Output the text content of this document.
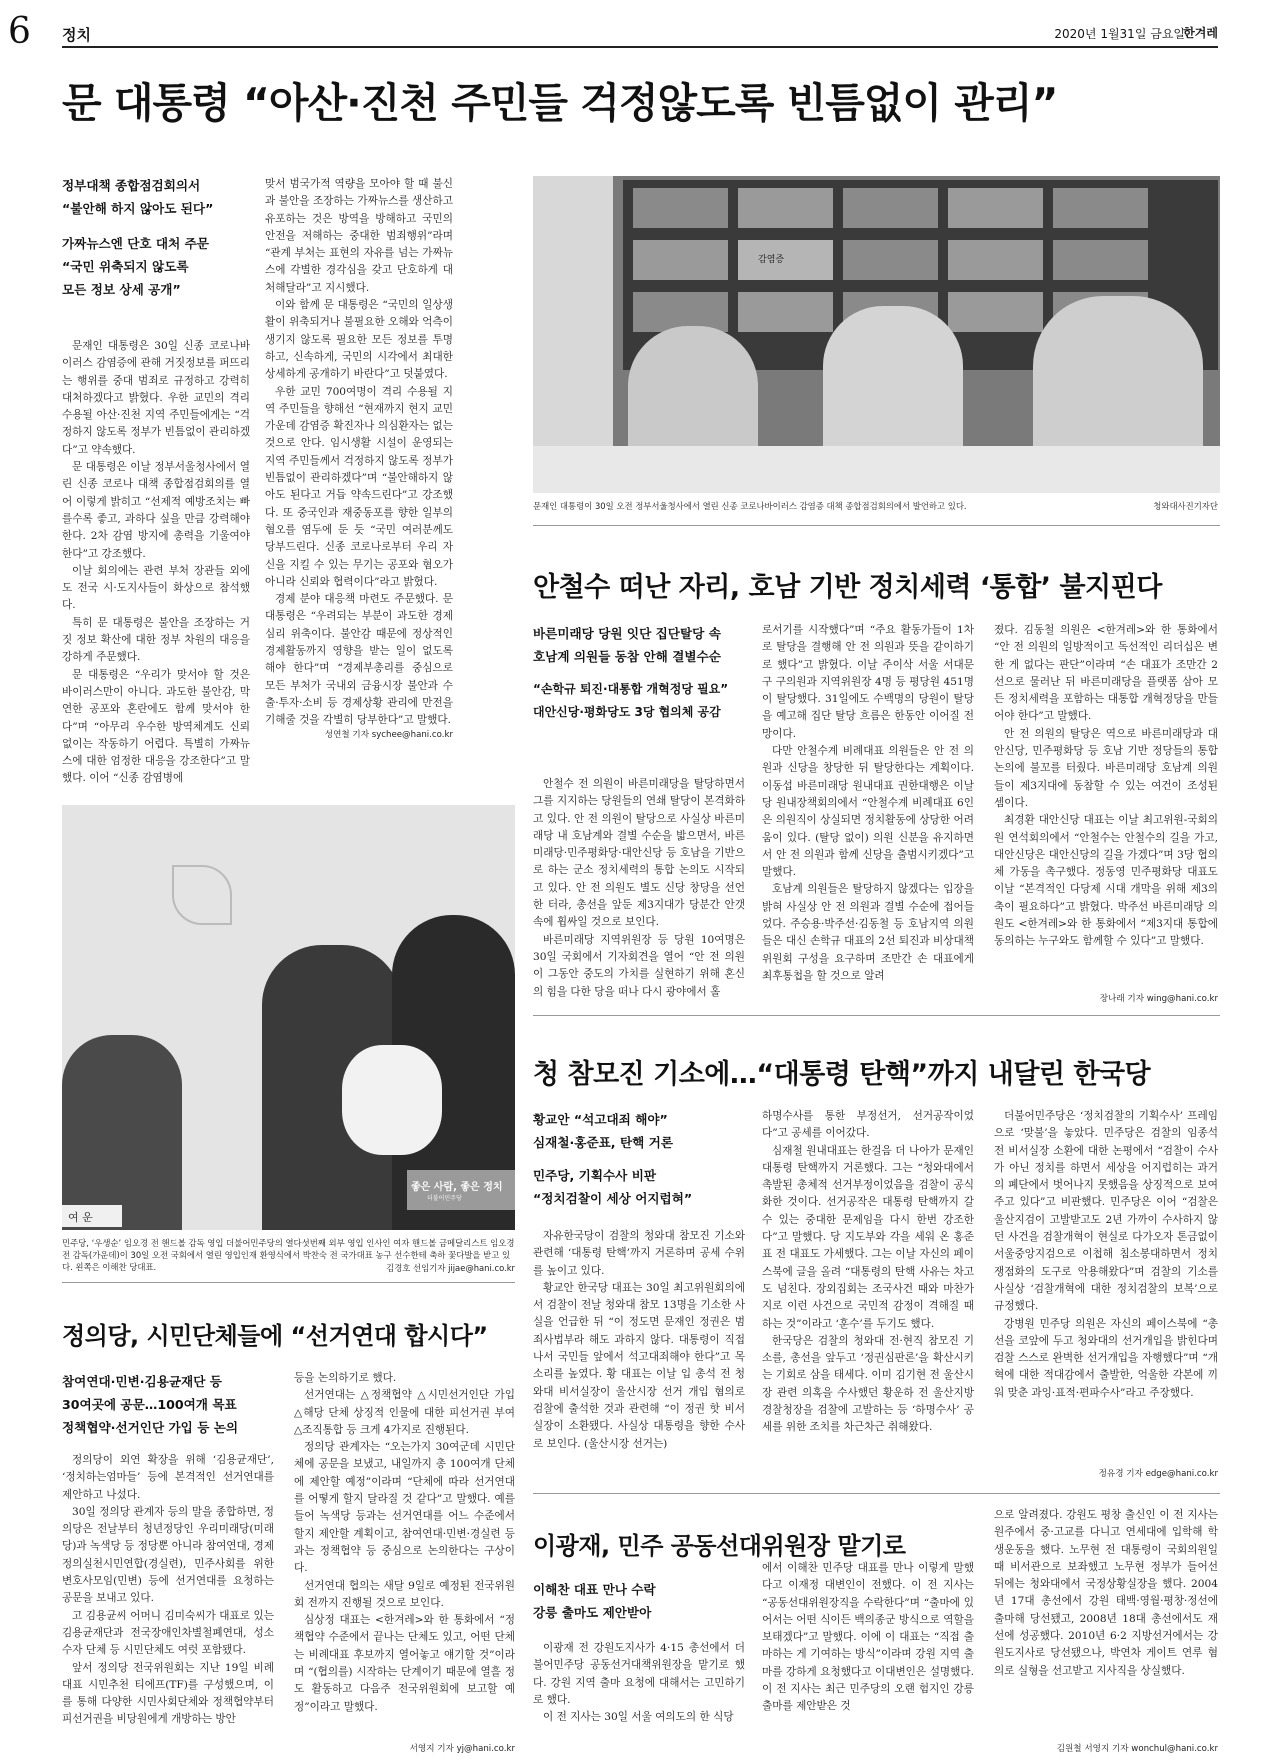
6 정치	2020년 1월31일 금요일
한겨레
문 대통령 “아산·진천 주민들 걱정않도록 빈틈없이 관리”
정부대책 종합점검회의서
“불안해 하지 않아도 된다”
가짜뉴스엔 단호 대처 주문
“국민 위축되지 않도록
모든 정보 상세 공개”

문재인 대통령은 30일 신종 코로나바이러스 감염증에 관해 거짓정보를 퍼뜨리는 행위를 중대 범죄로 규정하고 강력히 대처하겠다고 밝혔다. 우한 교민의 격리 수용될 아산·진천 지역 주민들에게는 “걱정하지 않도록 정부가 빈틈없이 관리하겠다”고 약속했다.

문 대통령은 이날 정부서울청사에서 열린 신종 코로나 대책 종합점검회의를 열어 이렇게 밝히고 “선제적 예방조치는 빠를수록 좋고, 과하다 싶을 만큼 강력해야 한다. 2차 감염 방지에 총력을 기울여야 한다”고 강조했다.

이날 회의에는 관련 부처 장관들 외에도 전국 시·도지사들이 화상으로 참석했다.

특히 문 대통령은 불안을 조장하는 거짓 정보 확산에 대한 정부 차원의 대응을 강하게 주문했다.

문 대통령은 “우리가 맞서야 할 것은 바이러스만이 아니다. 과도한 불안감, 막연한 공포와 혼란에도 함께 맞서야 한다”며 “아무리 우수한 방역체계도 신뢰 없이는 작동하기 어렵다. 특별히 가짜뉴스에 대한 엄정한 대응을 강조한다”고 말했다. 이어 “신종 감염병에

맞서 범국가적 역량을 모아야 할 때 불신과 불안을 조장하는 가짜뉴스를 생산하고 유포하는 것은 방역을 방해하고 국민의 안전을 저해하는 중대한 범죄행위”라며 “관계 부처는 표현의 자유를 넘는 가짜뉴스에 각별한 경각심을 갖고 단호하게 대처해달라”고 지시했다.

이와 함께 문 대통령은 “국민의 일상생활이 위축되거나 불필요한 오해와 억측이 생기지 않도록 필요한 모든 정보를 투명하고, 신속하게, 국민의 시각에서 최대한 상세하게 공개하기 바란다”고 덧붙였다.

우한 교민 700여명이 격리 수용될 지역 주민들을 향해선 “현재까지 현지 교민 가운데 감염증 확진자나 의심환자는 없는 것으로 안다. 임시생활 시설이 운영되는 지역 주민들께서 걱정하지 않도록 정부가 빈틈없이 관리하겠다”며 “불안해하지 않아도 된다고 거듭 약속드린다”고 강조했다. 또 중국인과 재중동포를 향한 일부의 혐오를 염두에 둔 듯 “국민 여러분께도 당부드린다. 신종 코로나로부터 우리 자신을 지킬 수 있는 무기는 공포와 혐오가 아니라 신뢰와 협력이다”라고 밝혔다.

경제 분야 대응책 마련도 주문했다. 문 대통령은 “우려되는 부분이 과도한 경제 심리 위축이다. 불안감 때문에 정상적인 경제활동까지 영향을 받는 일이 없도록 해야 한다”며 “경제부총리를 중심으로 모든 부처가 국내외 금융시장 불안과 수출·투자·소비 등 경제상황 관리에 만전을 기해줄 것을 각별히 당부한다”고 말했다.

성연철 기자 sychee@hani.co.kr
감염증
문재인 대통령이 30일 오전 정부서울청사에서 열린 신종 코로나바이러스 감염증 대책 종합점검회의에서 발언하고 있다.	청와대사진기자단
안철수 떠난 자리, 호남 기반 정치세력 ‘통합’ 불지핀다
바른미래당 당원 잇단 집단탈당 속
호남계 의원들 동참 안해 결별수순
“손학규 퇴진·대통합 개혁정당 필요”
대안신당·평화당도 3당 협의체 공감

안철수 전 의원이 바른미래당을 탈당하면서 그를 지지하는 당원들의 연쇄 탈당이 본격화하고 있다. 안 전 의원이 탈당으로 사실상 바른미래당 내 호남계와 결별 수순을 밟으면서, 바른미래당·민주평화당·대안신당 등 호남을 기반으로 하는 군소 정치세력의 통합 논의도 시작되고 있다. 안 전 의원도 별도 신당 창당을 선언한 터라, 총선을 앞둔 제3지대가 당분간 안갯속에 휩싸일 것으로 보인다.

바른미래당 지역위원장 등 당원 10여명은 30일 국회에서 기자회견을 열어 “안 전 의원이 그동안 중도의 가치를 실현하기 위해 혼신의 힘을 다한 당을 떠나 다시 광야에서 홀

로서기를 시작했다”며 “주요 활동가들이 1차로 탈당을 결행해 안 전 의원과 뜻을 같이하기로 했다”고 밝혔다. 이날 주이삭 서울 서대문구 구의원과 지역위원장 4명 등 평당원 451명이 탈당했다. 31일에도 수백명의 당원이 탈당을 예고해 집단 탈당 흐름은 한동안 이어질 전망이다.

다만 안철수계 비례대표 의원들은 안 전 의원과 신당을 창당한 뒤 탈당한다는 계획이다. 이동섭 바른미래당 원내대표 권한대행은 이날 당 원내장책회의에서 “안철수계 비례대표 6인은 의원직이 상실되면 정치활동에 상당한 어려움이 있다. (탈당 없이) 의원 신분을 유지하면서 안 전 의원과 함께 신당을 출범시키겠다”고 말했다.

호남계 의원들은 탈당하지 않겠다는 입장을 밝혀 사실상 안 전 의원과 결별 수순에 접어들었다. 주승용·박주선·김동철 등 호남지역 의원들은 대신 손학규 대표의 2선 퇴진과 비상대책위원회 구성을 요구하며 조만간 손 대표에게 최후통첩을 할 것으로 알려

졌다. 김동철 의원은 <한겨레>와 한 통화에서 “안 전 의원의 일방적이고 독선적인 리더십은 변한 게 없다는 판단”이라며 “손 대표가 조만간 2선으로 물러난 뒤 바른미래당을 플랫폼 삼아 모든 정치세력을 포함하는 대통합 개혁정당을 만들어야 한다”고 말했다.

안 전 의원의 탈당은 역으로 바른미래당과 대안신당, 민주평화당 등 호남 기반 정당들의 통합 논의에 불꼬를 터줬다. 바른미래당 호남계 의원들이 제3지대에 동참할 수 있는 여건이 조성된 셈이다.

최경환 대안신당 대표는 이날 최고위원-국회의원 연석회의에서 “안철수는 안철수의 길을 가고, 대안신당은 대안신당의 길을 가겠다”며 3당 협의체 가동을 촉구했다. 정동영 민주평화당 대표도 이날 “본격적인 다당제 시대 개막을 위해 제3의 축이 필요하다”고 밝혔다. 박주선 바른미래당 의원도 <한겨레>와 한 통화에서 “제3지대 통합에 동의하는 누구와도 함께할 수 있다”고 말했다.

장나래 기자 wing@hani.co.kr
좋은 사람, 좋은 정치
더불어민주당
여 운
민주당, ‘우생순’ 임오경 전 핸드볼 감독 영입 더불어민주당의 열다섯번째 외부 영입 인사인 여자 핸드볼 금메달리스트 임오경 전 감독(가운데)이 30일 오전 국회에서 열린 영입인재 환영식에서 박찬숙 전 국가대표 농구 선수한테 축하 꽃다발을 받고 있다. 왼쪽은 이해찬 당대표.	김경호 선임기자 jijae@hani.co.kr
청 참모진 기소에…“대통령 탄핵”까지 내달린 한국당
황교안 “석고대죄 해야”
심재철·홍준표, 탄핵 거론
민주당, 기획수사 비판
“정치검찰이 세상 어지럽혀”

자유한국당이 검찰의 청와대 참모진 기소와 관련해 ‘대통령 탄핵’까지 거론하며 공세 수위를 높이고 있다.

황교안 한국당 대표는 30일 최고위원회의에서 검찰이 전날 청와대 참모 13명을 기소한 사실을 언급한 뒤 “이 정도면 문재인 정권은 범죄사법부라 해도 과하지 않다. 대통령이 직접 나서 국민들 앞에서 석고대죄해야 한다”고 목소리를 높였다. 황 대표는 이날 입 총석 전 청와대 비서실장이 울산시장 선거 개입 혐의로 검찰에 출석한 것과 관련해 “이 정권 핫 비서실장이 소환됐다. 사실상 대통령을 향한 수사로 보인다. (울산시장 선거는)

하명수사를 통한 부정선거, 선거공작이었다”고 공세를 이어갔다.

심재철 원내대표는 한걸음 더 나아가 문재인 대통령 탄핵까지 거론했다. 그는 “청와대에서 촉발된 총체적 선거부정이었음을 검찰이 공식화한 것이다. 선거공작은 대통령 탄핵까지 갈 수 있는 중대한 문제임을 다시 한번 강조한다”고 말했다. 당 지도부와 각을 세워 온 홍준표 전 대표도 가세했다. 그는 이날 자신의 페이스북에 글을 올려 “대통령의 탄핵 사유는 차고도 넘친다. 장외집회는 조국사건 때와 마찬가지로 이런 사건으로 국민적 감정이 격해질 때 하는 것”이라고 ‘훈수’를 두기도 했다.

한국당은 검찰의 청와대 전·현직 참모진 기소를, 총선을 앞두고 ‘정권심판론’을 확산시키는 기회로 삼을 태세다. 이미 김기현 전 울산시장 관련 의혹을 수사했던 황운하 전 울산지방경찰청장을 검찰에 고발하는 등 ‘하명수사’ 공세를 위한 조치를 차근차근 취해왔다.

더불어민주당은 ‘정치검찰의 기획수사’ 프레임으로 ‘맞불’을 놓았다. 민주당은 검찰의 임종석 전 비서실장 소환에 대한 논평에서 “검찰이 수사가 아닌 정치를 하면서 세상을 어지럽히는 과거의 폐단에서 벗어나지 못했음을 상징적으로 보여주고 있다”고 비판했다. 민주당은 이어 “검찰은 울산지검이 고발받고도 2년 가까이 수사하지 않던 사건을 검찰개혁이 현실로 다가오자 톤금없이 서울중앙지검으로 이첩해 침소봉대하면서 정치쟁점화의 도구로 악용해왔다”며 검찰의 기소를 사실상 ‘검찰개혁에 대한 정치검찰의 보복’으로 규정했다.

강병원 민주당 의원은 자신의 페이스북에 “총선을 코앞에 두고 청와대의 선거개입을 밝힌다며 검찰 스스로 완벽한 선거개입을 자행했다”며 “개혁에 대한 적대감에서 출발한, 억울한 각본에 끼워 맞춘 과잉·표적·편파수사”라고 주장했다.

정유경 기자 edge@hani.co.kr
정의당, 시민단체들에 “선거연대 합시다”
참여연대·민변·김용균재단 등
30여곳에 공문…100여개 목표
정책협약·선거인단 가입 등 논의

정의당이 외연 확장을 위해 ‘김용균재단’, ‘정치하는엄마들’ 등에 본격적인 선거연대를 제안하고 나섰다.

30일 정의당 관계자 등의 말을 종합하면, 정의당은 전날부터 청년정당인 우리미래당(미래당)과 녹색당 등 정당뿐 아니라 참여연대, 경제정의실천시민연합(경실련), 민주사회를 위한 변호사모임(민변) 등에 선거연대를 요청하는 공문을 보내고 있다.

고 김용균씨 어머니 김미숙씨가 대표로 있는 김용균재단과 전국장애인차별철폐연대, 성소수자 단체 등 시민단체도 여럿 포함됐다.

앞서 정의당 전국위원회는 지난 19일 비례대표 시민추천 티에프(TF)를 구성했으며, 이를 통해 다양한 시민사회단체와 정책협약부터 피선거권을 비당원에게 개방하는 방안

등을 논의하기로 했다.

선거연대는 △정책협약 △시민선거인단 가입 △해당 단체 상징적 인물에 대한 피선거권 부여 △조직통합 등 크게 4가지로 진행된다.

정의당 관계자는 “오는가지 30여군데 시민단체에 공문을 보냈고, 내일까지 총 100여개 단체에 제안할 예정”이라며 “단체에 따라 선거연대를 어떻게 할지 달라질 것 같다”고 말했다. 예를 들어 녹색당 등과는 선거연대를 어느 수준에서 할지 제안할 계획이고, 참여연대·민변·경실련 등과는 정책협약 등 중심으로 논의한다는 구상이다.

선거연대 협의는 새달 9일로 예정된 전국위원회 전까지 진행될 것으로 보인다.

심상정 대표는 <한겨레>와 한 통화에서 “정책협약 수준에서 끝나는 단체도 있고, 어떤 단체는 비례대표 후보까지 열어놓고 얘기할 것”이라며 “(협의를) 시작하는 단계이기 때문에 열흘 정도 활동하고 다음주 전국위원회에 보고할 예정”이라고 말했다.

서영지 기자 yj@hani.co.kr
이광재, 민주 공동선대위원장 맡기로
이해찬 대표 만나 수락
강릉 출마도 제안받아

이광재 전 강원도지사가 4·15 총선에서 더불어민주당 공동선거대책위원장을 맡기로 했다. 강원 지역 출마 요청에 대해서는 고민하기로 했다.

이 전 지사는 30일 서울 여의도의 한 식당

에서 이해찬 민주당 대표를 만나 이렇게 말했다고 이재정 대변인이 전했다. 이 전 지사는 “공동선대위원장직을 수락한다”며 “출마에 있어서는 어떤 식이든 백의종군 방식으로 역할을 보태겠다”고 말했다. 이에 이 대표는 “직접 출마하는 게 기여하는 방식”이라며 강원 지역 출마를 강하게 요청했다고 이대변인은 설명했다. 이 전 지사는 최근 민주당의 오랜 험지인 강릉 출마를 제안받은 것

으로 알려졌다. 강원도 평창 출신인 이 전 지사는 원주에서 중·고교를 다니고 연세대에 입학해 학생운동을 했다. 노무현 전 대통령이 국회의원일 때 비서관으로 보좌했고 노무현 정부가 들어선 뒤에는 청와대에서 국정상황실장을 했다. 2004년 17대 총선에서 강원 태백·영월·평창·정선에 출마해 당선됐고, 2008년 18대 총선에서도 재선에 성공했다. 2010년 6·2 지방선거에서는 강원도지사로 당선됐으나, 박연차 게이트 연루 혐의로 실형을 선고받고 지사직을 상실했다.

김원철 서영지 기자 wonchul@hani.co.kr
